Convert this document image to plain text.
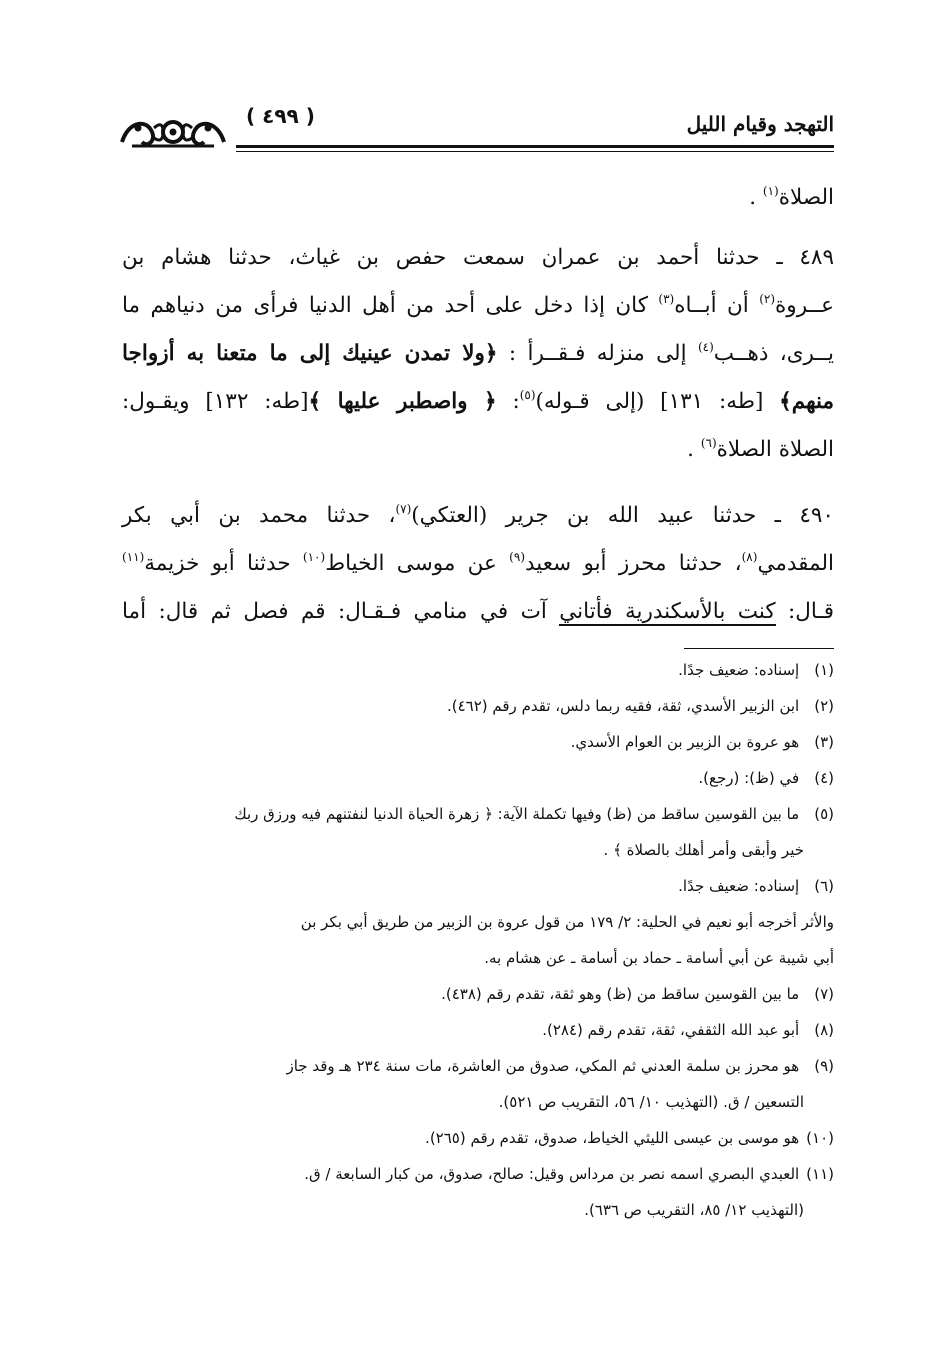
التهجد وقيام الليل
( ٤٩٩ )
الصلاة$^{(١)}$ .
٤٨٩ ـ حدثنا أحمد بن عمران سمعت حفص بن غياث، حدثنا هشام بن
عــروة$^{(٢)}$ أن أبــاه$^{(٣)}$ كان إذا دخل على أحد من أهل الدنيا فرأى من دنياهم ما
يــرى، ذهــب$^{(٤)}$ إلى منزله فـقــرأ : ﴿ولا تمدن عينيك إلى ما متعنا به أزواجا
منهم﴾ [طه: ١٣١] (إلى قـوله)$^{(٥)}$: ﴿ واصطبر عليها ﴾[طه: ١٣٢] ويقـول:
الصلاة الصلاة$^{(٦)}$ .
٤٩٠ ـ حدثنا عبيد الله بن جرير (العتكي)$^{(٧)}$، حدثنا محمد بن أبي بكر
المقدمي$^{(٨)}$، حدثنا محرز أبو سعيد$^{(٩)}$ عن موسى الخياط$^{(١٠)}$ حدثنا أبو خزيمة$^{(١١)}$
قـال: كنت بالأسكندرية فأتاني آت في منامي فـقـال: قم فصل ثم قال: أما
(١) إسناده: ضعيف جدًا.
(٢) ابن الزبير الأسدي، ثقة، فقيه ربما دلس، تقدم رقم (٤٦٢).
(٣) هو عروة بن الزبير بن العوام الأسدي.
(٤) في (ظ): (رجع).
(٥) ما بين القوسين ساقط من (ظ) وفيها تكملة الآية: ﴿ زهرة الحياة الدنيا لنفتنهم فيه ورزق ربك
خير وأبقى وأمر أهلك بالصلاة ﴾ .
(٦) إسناده: ضعيف جدًا.
والأثر أخرجه أبو نعيم في الحلية: ٢/ ١٧٩ من قول عروة بن الزبير من طريق أبي بكر بن
أبي شيبة عن أبي أسامة ـ حماد بن أسامة ـ عن هشام به.
(٧) ما بين القوسين ساقط من (ظ) وهو ثقة، تقدم رقم (٤٣٨).
(٨) أبو عبد الله الثقفي، ثقة، تقدم رقم (٢٨٤).
(٩) هو محرز بن سلمة العدني ثم المكي، صدوق من العاشرة، مات سنة ٢٣٤ هـ وقد جاز
التسعين / ق. (التهذيب ١٠/ ٥٦، التقريب ص ٥٢١).
(١٠) هو موسى بن عيسى الليثي الخياط، صدوق، تقدم رقم (٢٦٥).
(١١) العبدي البصري اسمه نصر بن مرداس وقيل: صالح، صدوق، من كبار السابعة / ق.
(التهذيب ١٢/ ٨٥، التقريب ص ٦٣٦).
